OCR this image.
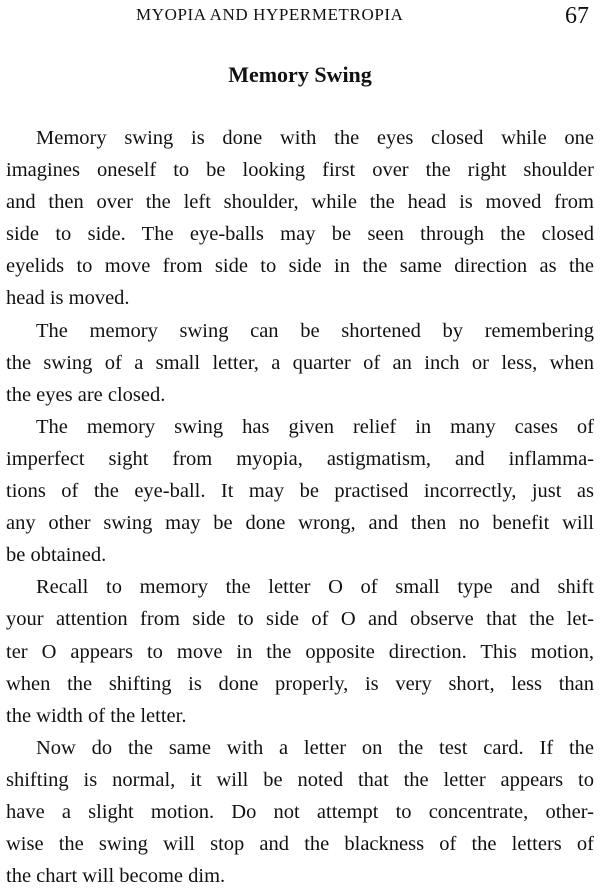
MYOPIA AND HYPERMETROPIA	67
Memory Swing
Memory swing is done with the eyes closed while one
imagines oneself to be looking first over the right shoulder
and then over the left shoulder, while the head is moved from
side to side. The eye-balls may be seen through the closed
eyelids to move from side to side in the same direction as the
head is moved.
The memory swing can be shortened by remembering
the swing of a small letter, a quarter of an inch or less, when
the eyes are closed.
The memory swing has given relief in many cases of
imperfect sight from myopia, astigmatism, and inflamma-
tions of the eye-ball. It may be practised incorrectly, just as
any other swing may be done wrong, and then no benefit will
be obtained.
Recall to memory the letter O of small type and shift
your attention from side to side of O and observe that the let-
ter O appears to move in the opposite direction. This motion,
when the shifting is done properly, is very short, less than
the width of the letter.
Now do the same with a letter on the test card. If the
shifting is normal, it will be noted that the letter appears to
have a slight motion. Do not attempt to concentrate, other-
wise the swing will stop and the blackness of the letters of
the chart will become dim.
